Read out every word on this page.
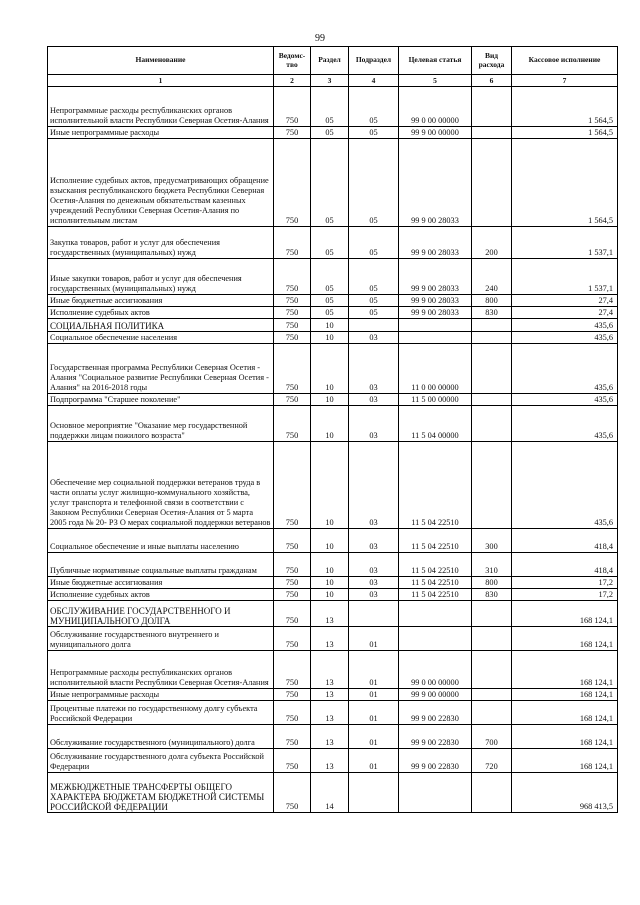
99
Наименование	Ведомс-тво	Раздел	Подраздел	Целевая статья	Вид расхода	Кассовое исполнение
1	2	3	4	5	6	7
Непрограммные расходы республиканских органов исполнительной власти Республики Северная Осетия-Алания	750	05	05	99 0 00 00000		1 564,5
Иные непрограммные расходы	750	05	05	99 9 00 00000		1 564,5
Исполнение судебных актов, предусматривающих обращение взыскания республиканского бюджета Республики Северная Осетия-Алания по денежным обязательствам казенных учреждений Республики Северная Осетия-Алания по исполнительным листам	750	05	05	99 9 00 28033		1 564,5
Закупка товаров, работ и услуг для обеспечения государственных (муниципальных) нужд	750	05	05	99 9 00 28033	200	1 537,1
Иные закупки товаров, работ и услуг для обеспечения государственных (муниципальных) нужд	750	05	05	99 9 00 28033	240	1 537,1
Иные бюджетные ассигнования	750	05	05	99 9 00 28033	800	27,4
Исполнение судебных актов	750	05	05	99 9 00 28033	830	27,4
СОЦИАЛЬНАЯ ПОЛИТИКА	750	10				435,6
Социальное обеспечение населения	750	10	03			435,6
Государственная программа Республики Северная Осетия - Алания "Социальное развитие Республики Северная Осетия - Алания" на 2016-2018 годы	750	10	03	11 0 00 00000		435,6
Подпрограмма "Старшее поколение"	750	10	03	11 5 00 00000		435,6
Основное мероприятие "Оказание мер государственной поддержки лицам пожилого возраста"	750	10	03	11 5 04 00000		435,6
Обеспечение мер социальной поддержки ветеранов труда в части оплаты услуг жилищно-коммунального хозяйства, услуг транспорта и телефонной связи в соответствии с Законом Республики Северная Осетия-Алания от 5 марта 2005 года № 20- РЗ О мерах социальной поддержки ветеранов	750	10	03	11 5 04 22510		435,6
Социальное обеспечение и иные выплаты населению	750	10	03	11 5 04 22510	300	418,4
Публичные нормативные социальные выплаты гражданам	750	10	03	11 5 04 22510	310	418,4
Иные бюджетные ассигнования	750	10	03	11 5 04 22510	800	17,2
Исполнение судебных актов	750	10	03	11 5 04 22510	830	17,2
ОБСЛУЖИВАНИЕ ГОСУДАРСТВЕННОГО И МУНИЦИПАЛЬНОГО ДОЛГА	750	13				168 124,1
Обслуживание государственного внутреннего и муниципального долга	750	13	01			168 124,1
Непрограммные расходы республиканских органов исполнительной власти Республики Северная Осетия-Алания	750	13	01	99 0 00 00000		168 124,1
Иные непрограммные расходы	750	13	01	99 9 00 00000		168 124,1
Процентные платежи по государственному долгу субъекта Российской Федерации	750	13	01	99 9 00 22830		168 124,1
Обслуживание государственного (муниципального) долга	750	13	01	99 9 00 22830	700	168 124,1
Обслуживание государственного долга субъекта Российской Федерации	750	13	01	99 9 00 22830	720	168 124,1
МЕЖБЮДЖЕТНЫЕ ТРАНСФЕРТЫ ОБЩЕГО ХАРАКТЕРА БЮДЖЕТАМ БЮДЖЕТНОЙ СИСТЕМЫ РОССИЙСКОЙ ФЕДЕРАЦИИ	750	14				968 413,5
